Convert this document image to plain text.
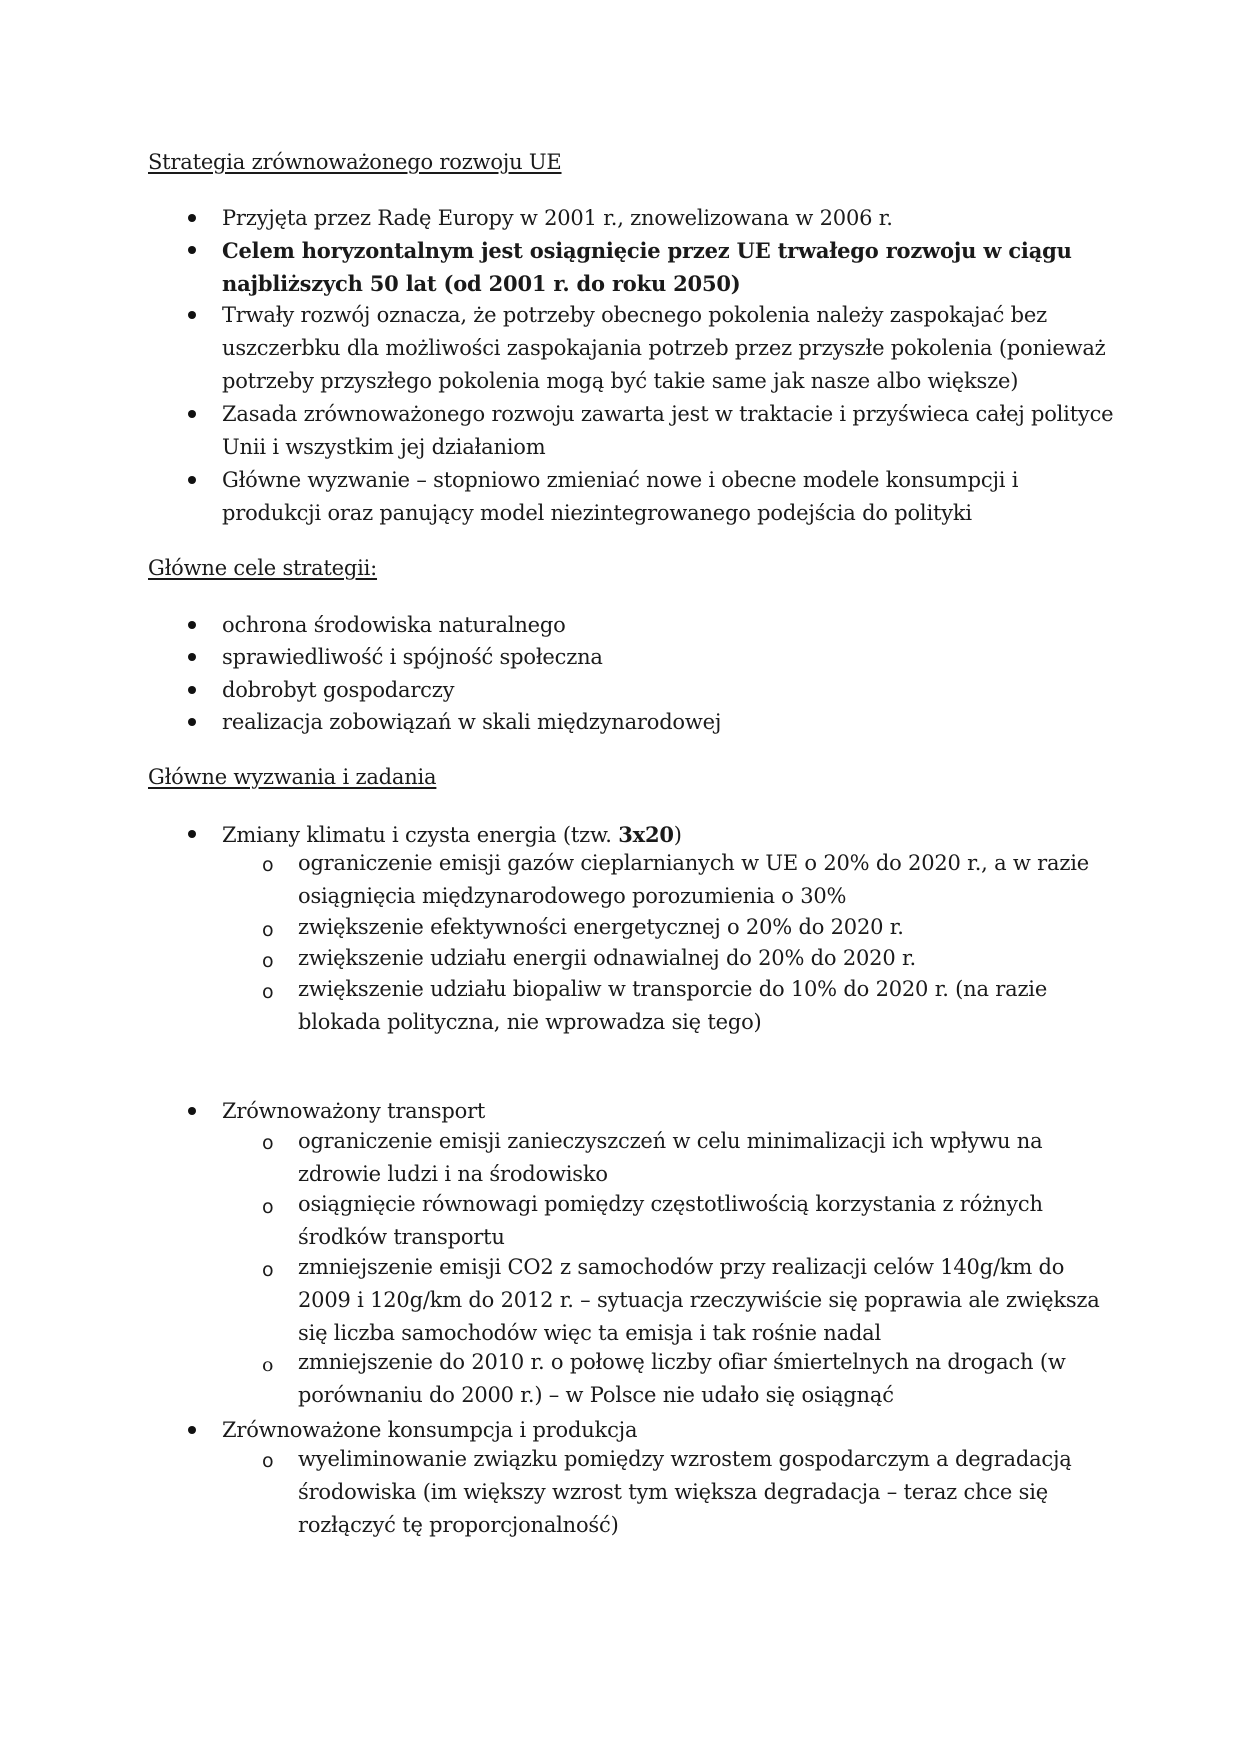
Strategia zrównoważonego rozwoju UE
Przyjęta przez Radę Europy w 2001 r., znowelizowana w 2006 r.
Celem horyzontalnym jest osiągnięcie przez UE trwałego rozwoju w ciągu
najbliższych 50 lat (od 2001 r. do roku 2050)
Trwały rozwój oznacza, że potrzeby obecnego pokolenia należy zaspokajać bez
uszczerbku dla możliwości zaspokajania potrzeb przez przyszłe pokolenia (ponieważ
potrzeby przyszłego pokolenia mogą być takie same jak nasze albo większe)
Zasada zrównoważonego rozwoju zawarta jest w traktacie i przyświeca całej polityce
Unii i wszystkim jej działaniom
Główne wyzwanie – stopniowo zmieniać nowe i obecne modele konsumpcji i
produkcji oraz panujący model niezintegrowanego podejścia do polityki
Główne cele strategii:
ochrona środowiska naturalnego
sprawiedliwość i spójność społeczna
dobrobyt gospodarczy
realizacja zobowiązań w skali międzynarodowej
Główne wyzwania i zadania
Zmiany klimatu i czysta energia (tzw. 3x20)
o ograniczenie emisji gazów cieplarnianych w UE o 20% do 2020 r., a w razie
osiągnięcia międzynarodowego porozumienia o 30%
o zwiększenie efektywności energetycznej o 20% do 2020 r.
o zwiększenie udziału energii odnawialnej do 20% do 2020 r.
o zwiększenie udziału biopaliw w transporcie do 10% do 2020 r. (na razie
blokada polityczna, nie wprowadza się tego)
Zrównoważony transport
o ograniczenie emisji zanieczyszczeń w celu minimalizacji ich wpływu na
zdrowie ludzi i na środowisko
o osiągnięcie równowagi pomiędzy częstotliwością korzystania z różnych
środków transportu
o zmniejszenie emisji CO2 z samochodów przy realizacji celów 140g/km do
2009 i 120g/km do 2012 r. – sytuacja rzeczywiście się poprawia ale zwiększa
się liczba samochodów więc ta emisja i tak rośnie nadal
o zmniejszenie do 2010 r. o połowę liczby ofiar śmiertelnych na drogach (w
porównaniu do 2000 r.) – w Polsce nie udało się osiągnąć
Zrównoważone konsumpcja i produkcja
o wyeliminowanie związku pomiędzy wzrostem gospodarczym a degradacją
środowiska (im większy wzrost tym większa degradacja – teraz chce się
rozłączyć tę proporcjonalność)
